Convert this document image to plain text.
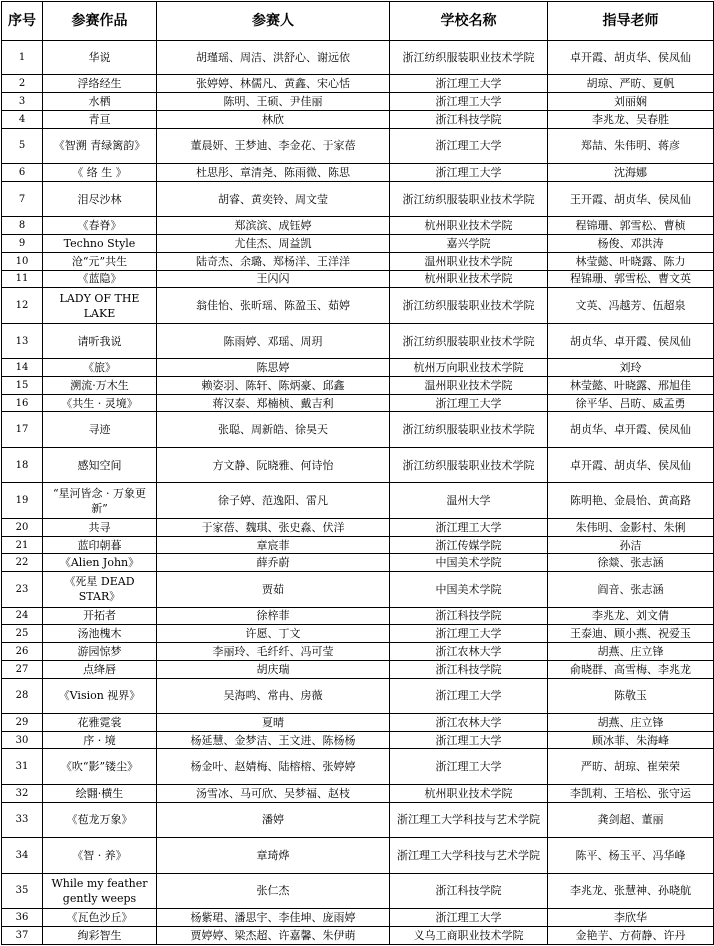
序号	参赛作品	参赛人	学校名称	指导老师
1	华说	胡瑾瑶、周洁、洪舒心、谢远依	浙江纺织服装职业技术学院	卓开霞、胡贞华、侯凤仙
2	浮络经生	张婷婷、林儒凡、黄鑫、宋心恬	浙江理工大学	胡琼、严昉、夏帆
3	水栖	陈明、王硕、尹佳丽	浙江理工大学	刘丽娴
4	青亘	林欣	浙江科技学院	李兆龙、吴春胜
5	《智溯 青绿篱韵》	董晨妍、王梦迪、李金花、于家蓓	浙江理工大学	郑喆、朱伟明、蒋彦
6	《 络 生 》	杜思彤、章清尧、陈雨微、陈思	浙江理工大学	沈海娜
7	泪尽沙林	胡睿、黄奕铃、周文莹	浙江纺织服装职业技术学院	王开霞、胡贞华、侯凤仙
8	《春脊》	郑滨滨、成钰婷	杭州职业技术学院	程锦珊、郭雪松、曹桢
9	Techno Style	尤佳杰、周益凯	嘉兴学院	杨俊、邓洪涛
10	沧“元”共生	陆奇杰、余璐、郑杨洋、王洋洋	温州职业技术学院	林莹懿、叶晓露、陈力
11	《蓝隐》	王闪闪	杭州职业技术学院	程锦珊、郭雪松、曹文英
12	LADY OF THE LAKE	翁佳怡、张昕瑶、陈盈玉、茹婷	浙江纺织服装职业技术学院	文英、冯越芳、伍超泉
13	请听我说	陈雨婷、邓瑶、周玥	浙江纺织服装职业技术学院	胡贞华、卓开霞、侯凤仙
14	《旅》	陈思婷	杭州万向职业技术学院	刘玲
15	溯流·万木生	赖姿羽、陈轩、陈炳豪、邱鑫	温州职业技术学院	林莹懿、叶晓露、邢旭佳
16	《共生 · 灵境》	蒋汉泰、郑楠桢、戴吉利	浙江理工大学	徐平华、吕昉、威孟勇
17	寻迹	张聪、周新皓、徐昊天	浙江纺织服装职业技术学院	胡贞华、卓开霞、侯凤仙
18	感知空间	方文静、阮晓雅、何诗怡	浙江纺织服装职业技术学院	卓开霞、胡贞华、侯凤仙
19	“星河皆念 · 万象更新”	徐子婷、范逸阳、雷凡	温州大学	陈明艳、金晨怡、黄高路
20	共寻	于家蓓、魏琪、张史淼、伏洋	浙江理工大学	朱伟明、金影村、朱俐
21	蓝印朝暮	章宸菲	浙江传媒学院	孙洁
22	《Alien John》	薛乔蔚	中国美术学院	徐燚、张志涵
23	《死星 DEAD STAR》	贾茹	中国美术学院	阎音、张志涵
24	开拓者	徐梓菲	浙江科技学院	李兆龙、刘文倩
25	汤池槐木	许愿、丁文	浙江理工大学	王泰迪、顾小燕、祝爱玉
26	游园惊梦	李丽玲、毛纤纤、冯可莹	浙江农林大学	胡燕、庄立锋
27	点绛唇	胡庆瑞	浙江科技学院	俞晓群、高雪梅、李兆龙
28	《Vision 视界》	吴海鸣、常冉、房薇	浙江理工大学	陈敬玉
29	花雅霓裳	夏晴	浙江农林大学	胡燕、庄立锋
30	序 · 境	杨延慧、金梦洁、王文进、陈杨杨	浙江理工大学	顾冰菲、朱海峰
31	《吹“影”镂尘》	杨金叶、赵婧梅、陆榕榕、张婷婷	浙江理工大学	严昉、胡琼、崔荣荣
32	绘翾·横生	汤雪冰、马可欣、吴梦福、赵枝	杭州职业技术学院	李凯莉、王培松、张守运
33	《苞龙万象》	潘婷	浙江理工大学科技与艺术学院	龚剑超、董丽
34	《智 · 养》	章琦烨	浙江理工大学科技与艺术学院	陈平、杨玉平、冯华峰
35	While my feather gently weeps	张仁杰	浙江科技学院	李兆龙、张慧神、孙晓航
36	《瓦色沙丘》	杨紫珺、潘思宇、李佳坤、庞雨婷	浙江理工大学	李欣华
37	绚彩智生	贾婷婷、梁杰超、许嘉馨、朱伊萌	义乌工商职业技术学院	金艳芋、方荷静、许丹
